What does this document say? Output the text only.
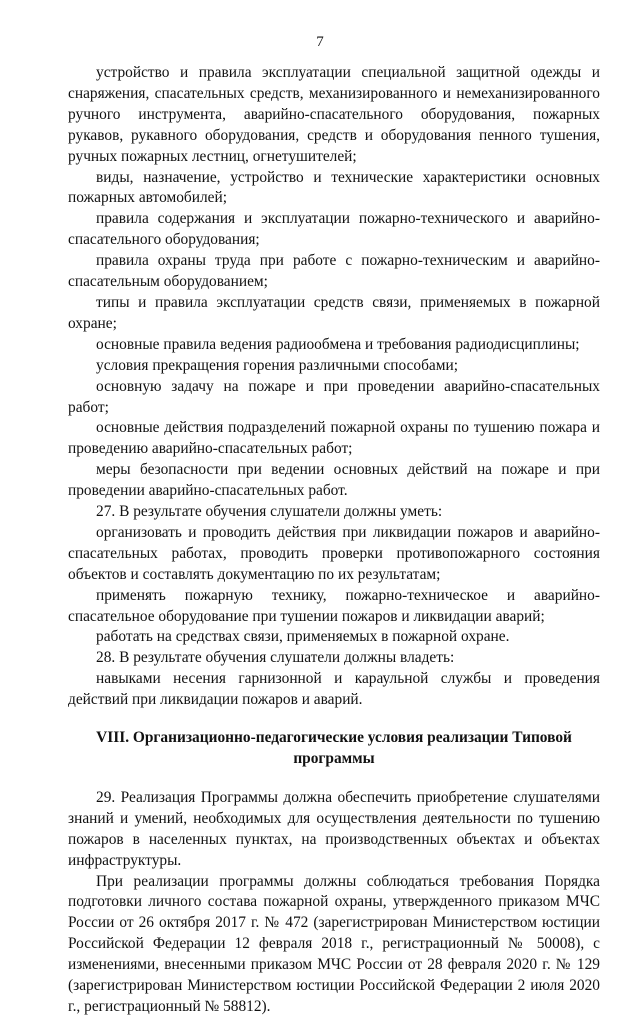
7

устройство и правила эксплуатации специальной защитной одежды и снаряжения, спасательных средств, механизированного и немеханизированного ручного инструмента, аварийно-спасательного оборудования, пожарных рукавов, рукавного оборудования, средств и оборудования пенного тушения, ручных пожарных лестниц, огнетушителей;

виды, назначение, устройство и технические характеристики основных пожарных автомобилей;

правила содержания и эксплуатации пожарно-технического и аварийно-спасательного оборудования;

правила охраны труда при работе с пожарно-техническим и аварийно-спасательным оборудованием;

типы и правила эксплуатации средств связи, применяемых в пожарной охране;

основные правила ведения радиообмена и требования радиодисциплины;

условия прекращения горения различными способами;

основную задачу на пожаре и при проведении аварийно-спасательных работ;

основные действия подразделений пожарной охраны по тушению пожара и проведению аварийно-спасательных работ;

меры безопасности при ведении основных действий на пожаре и при проведении аварийно-спасательных работ.

27. В результате обучения слушатели должны уметь:

организовать и проводить действия при ликвидации пожаров и аварийно-спасательных работах, проводить проверки противопожарного состояния объектов и составлять документацию по их результатам;

применять пожарную технику, пожарно-техническое и аварийно-спасательное оборудование при тушении пожаров и ликвидации аварий;

работать на средствах связи, применяемых в пожарной охране.

28. В результате обучения слушатели должны владеть:

навыками несения гарнизонной и караульной службы и проведения действий при ликвидации пожаров и аварий.

VIII. Организационно-педагогические условия реализации Типовой программы

29. Реализация Программы должна обеспечить приобретение слушателями знаний и умений, необходимых для осуществления деятельности по тушению пожаров в населенных пунктах, на производственных объектах и объектах инфраструктуры.

При реализации программы должны соблюдаться требования Порядка подготовки личного состава пожарной охраны, утвержденного приказом МЧС России от 26 октября 2017 г. № 472 (зарегистрирован Министерством юстиции Российской Федерации 12 февраля 2018 г., регистрационный № 50008), с изменениями, внесенными приказом МЧС России от 28 февраля 2020 г. № 129 (зарегистрирован Министерством юстиции Российской Федерации 2 июля 2020 г., регистрационный № 58812).
